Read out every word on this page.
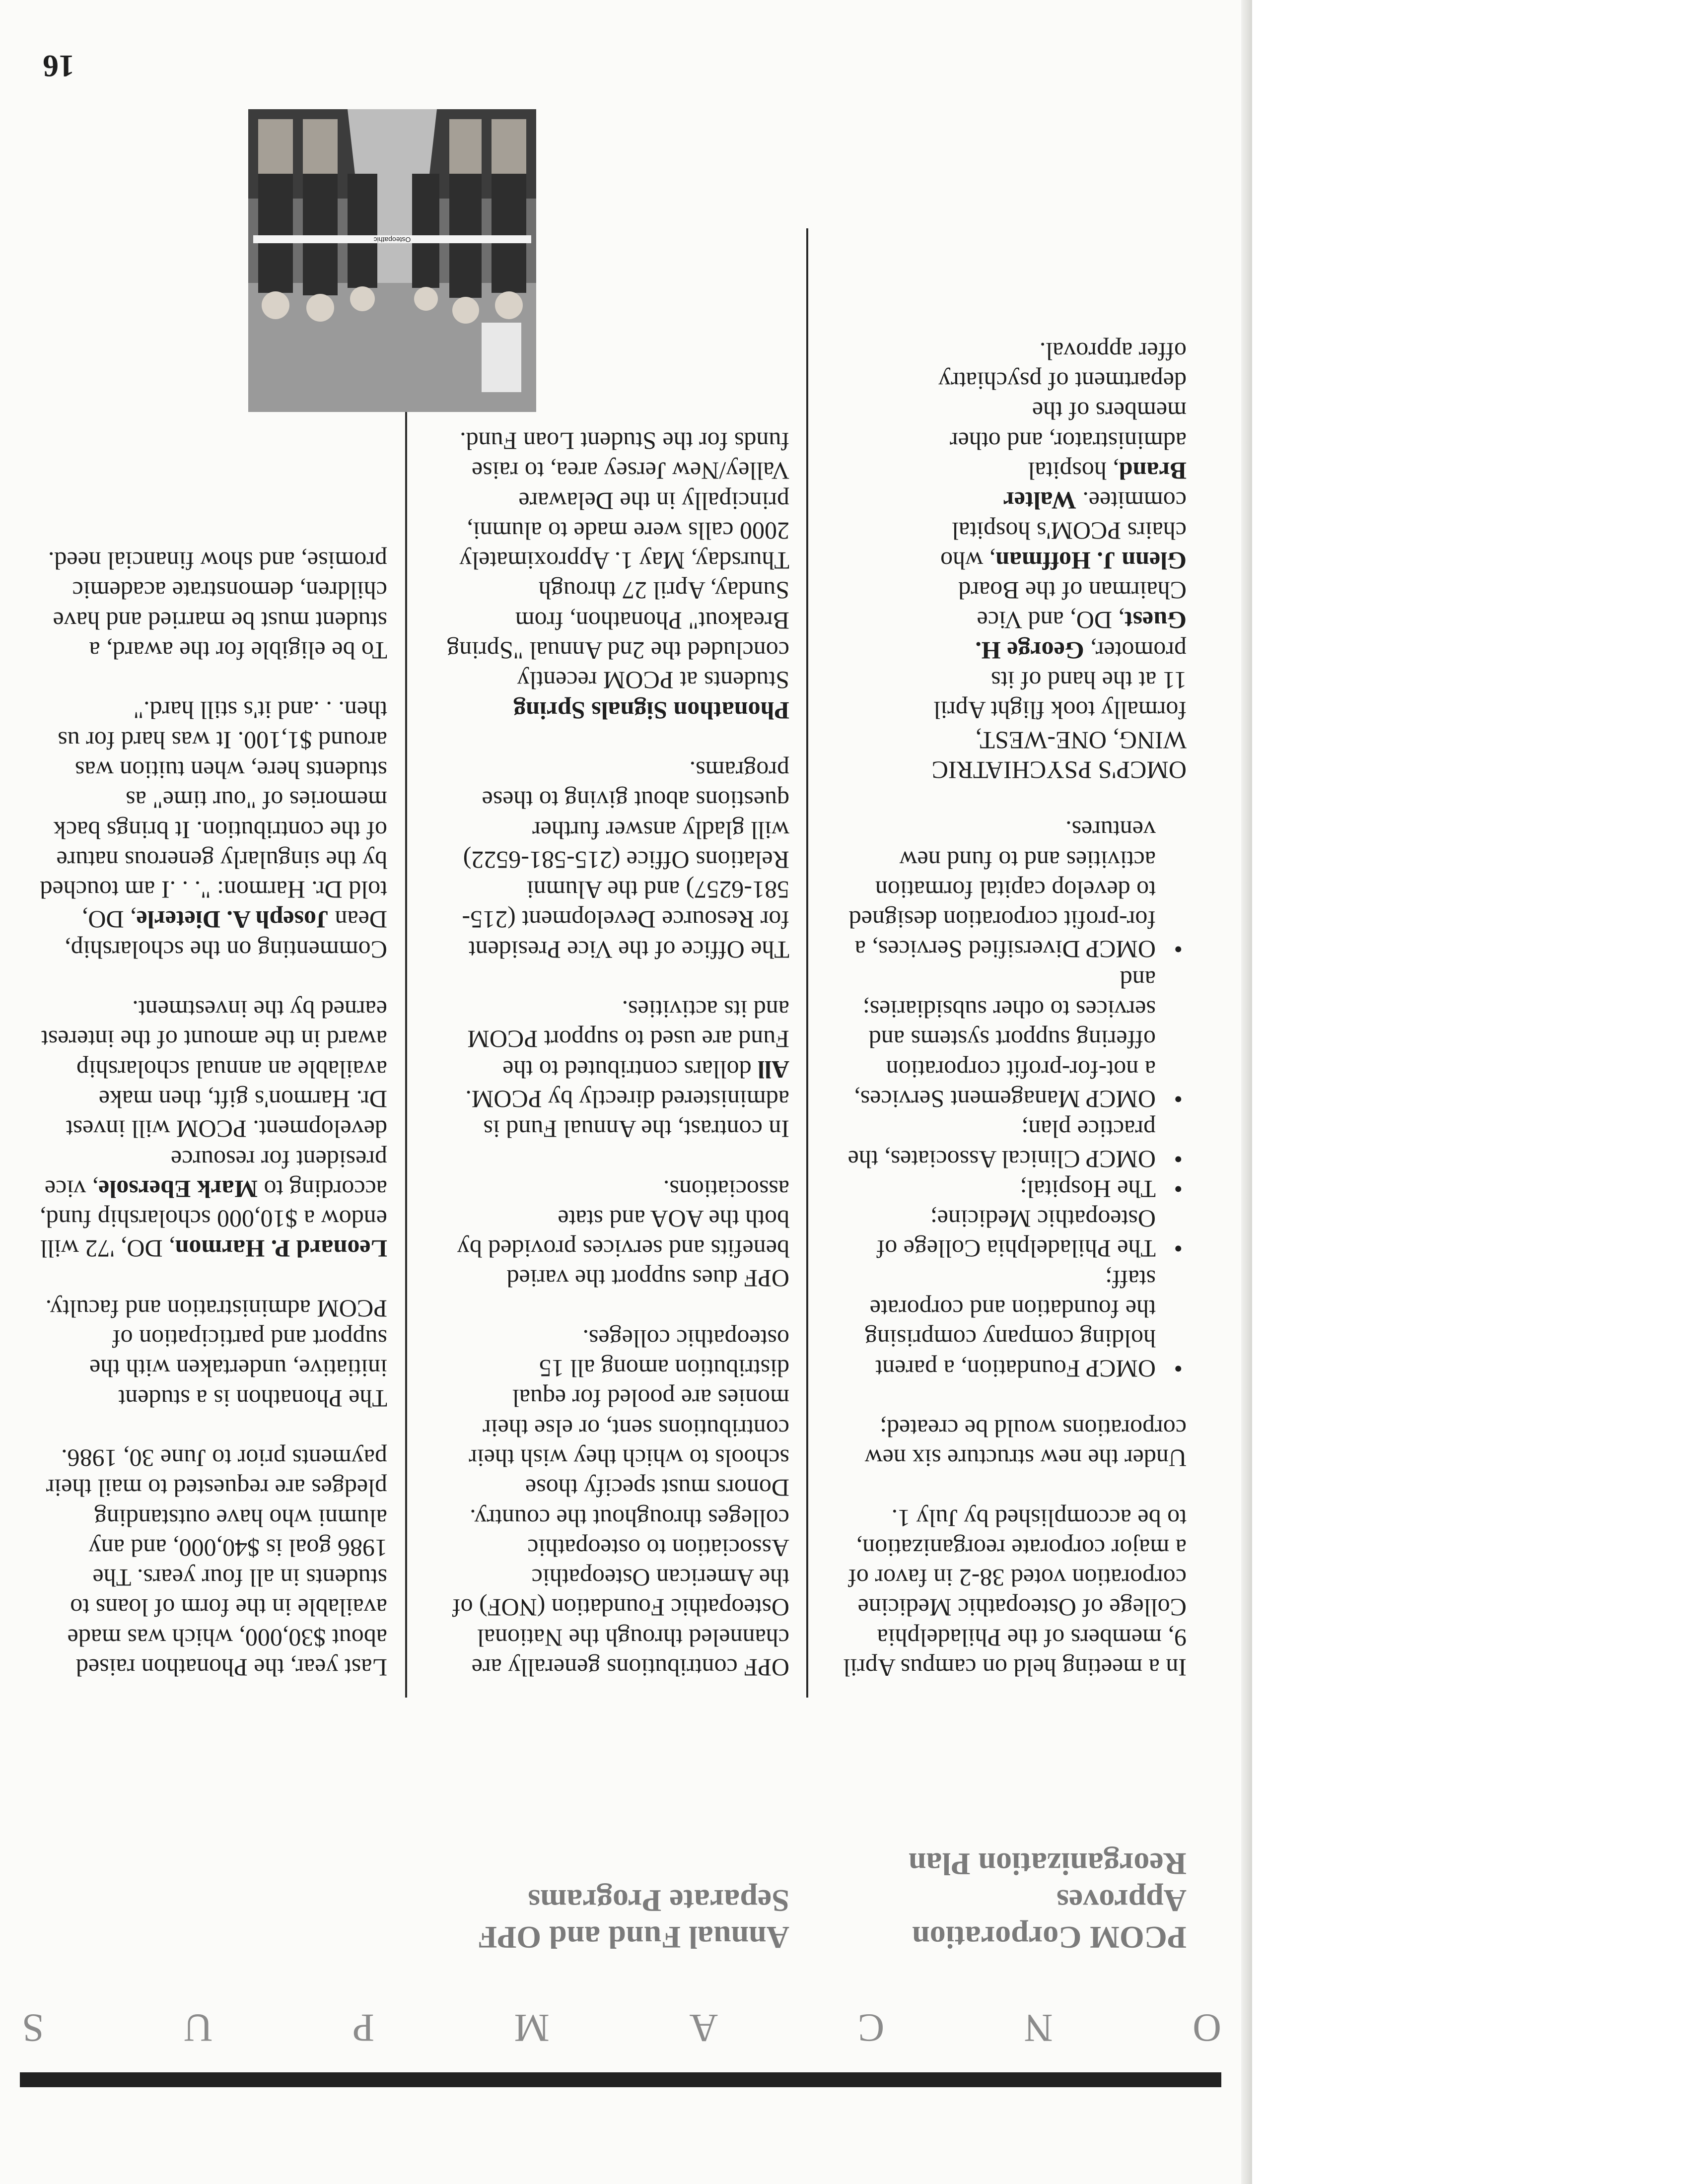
O
N
C
A
M
P
U
S
PCOM Corporation Approves Reorganization Plan
Annual Fund and OPF Separate Programs

In a meeting held on campus April 9, members of the Philadelphia College of Osteopathic Medicine corporation voted 38-2 in favor of a major corporate reorganization, to be accomplished by July 1.

Under the new structure six new corporations would be created;

• OMCP Foundation, a parent holding company comprising the foundation and corporate staff;
• The Philadelphia College of Osteopathic Medicine;
• The Hospital;
• OMCP Clinical Associates, the practice plan;
• OMCP Management Services, a not-for-profit corporation offering support systems and services to other subsidiaries; and
• OMCP Diversified Services, a for-profit corporation designed to develop capital formation activities and to fund new ventures.

OMCP'S PSYCHIATRIC WING, ONE-WEST, formally took flight April 11 at the hand of its promoter, George H. Guest, DO, and Vice Chairman of the Board Glenn J. Hoffman, who chairs PCOM's hospital commitee. Walter Brand, hospital administrator, and other members of the department of psychiatry offer approval.

OPF contributions generally are channeled through the National Osteopathic Foundation (NOF) of the American Osteopathic Association to osteopathic colleges throughout the country. Donors must specify those schools to which they wish their contributions sent, or else their monies are pooled for equal distribution among all 15 osteopathic colleges.

OPF dues support the varied benefits and services provided by both the AOA and state associations.

In contrast, the Annual Fund is administered directly by PCOM. All dollars contributed to the Fund are used to support PCOM and its activities.

The Office of the Vice President for Resource Development (215-581-6257) and the Alumni Relations Office (215-581-6522) will gladly answer further questions about giving to these programs.

Phonathon Signals Spring

Students at PCOM recently concluded the 2nd Annual "Spring Breakout" Phonathon, from Sunday, April 27 through Thursday, May 1. Approximately 2000 calls were made to alumni, principally in the Delaware Valley/New Jersey area, to raise funds for the Student Loan Fund.

Last year, the Phonathon raised about $30,000, which was made available in the form of loans to students in all four years. The 1986 goal is $40,000, and any alumni who have outstanding pledges are requested to mail their payments prior to June 30, 1986.

The Phonathon is a student initiative, undertaken with the support and participation of PCOM administration and faculty.

Leonard P. Harmon, DO, '72 will endow a $10,000 scholarship fund, according to Mark Ebersole, vice president for resource development. PCOM will invest Dr. Harmon's gift, then make available an annual scholarship award in the amount of the interest earned by the investment.

Commenting on the scholarship, Dean Joseph A. Dieterle, DO, told Dr. Harmon: ". . .I am touched by the singularly generous nature of the contribution. It brings back memories of "our time" as students here, when tuition was around $1,100. It was hard for us then. . .and it's still hard."

To be eligible for the award, a student must be married and have children, demonstrate academic promise, and show financial need.

Osteopathic
16
